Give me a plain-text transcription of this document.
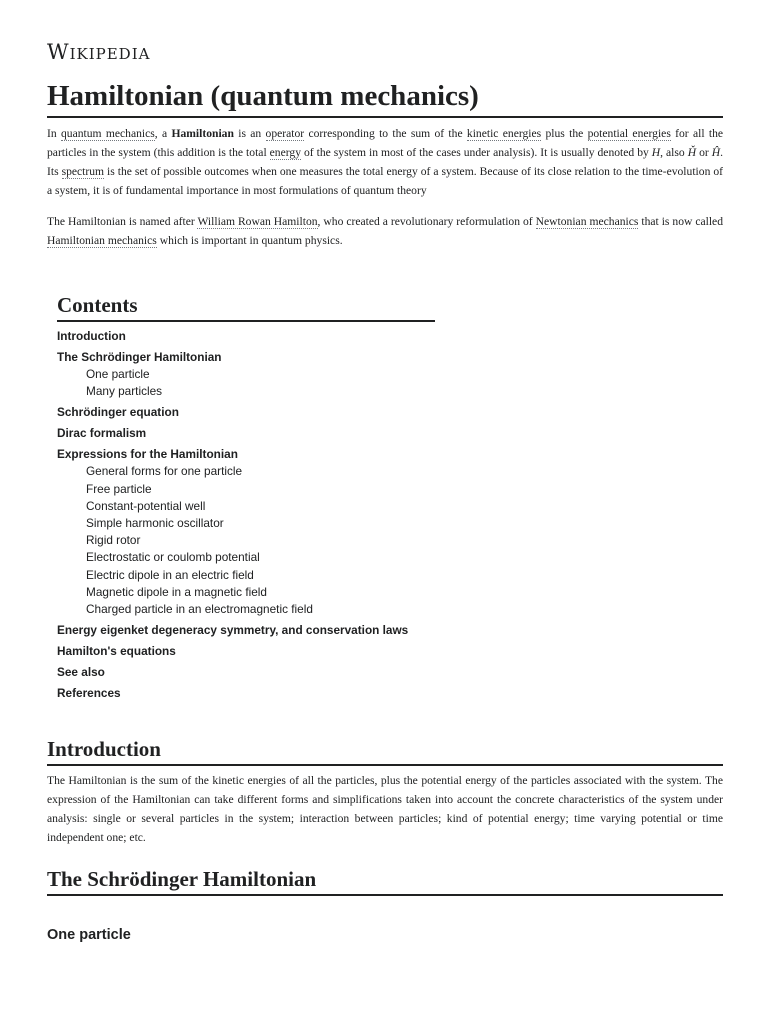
Wikipedia
Hamiltonian (quantum mechanics)

In quantum mechanics, a Hamiltonian is an operator corresponding to the sum of the kinetic energies plus the potential energies for all the particles in the system (this addition is the total energy of the system in most of the cases under analysis). It is usually denoted by H, also Ȟ or Ĥ. Its spectrum is the set of possible outcomes when one measures the total energy of a system. Because of its close relation to the time-evolution of a system, it is of fundamental importance in most formulations of quantum theory

The Hamiltonian is named after William Rowan Hamilton, who created a revolutionary reformulation of Newtonian mechanics that is now called Hamiltonian mechanics which is important in quantum physics.

Contents
Introduction
The Schrödinger Hamiltonian
One particle
Many particles
Schrödinger equation
Dirac formalism
Expressions for the Hamiltonian
General forms for one particle
Free particle
Constant-potential well
Simple harmonic oscillator
Rigid rotor
Electrostatic or coulomb potential
Electric dipole in an electric field
Magnetic dipole in a magnetic field
Charged particle in an electromagnetic field
Energy eigenket degeneracy symmetry, and conservation laws
Hamilton's equations
See also
References
Introduction

The Hamiltonian is the sum of the kinetic energies of all the particles, plus the potential energy of the particles associated with the system. The expression of the Hamiltonian can take different forms and simplifications taken into account the concrete characteristics of the system under analysis: single or several particles in the system; interaction between particles; kind of potential energy; time varying potential or time independent one; etc.

The Schrödinger Hamiltonian
One particle
